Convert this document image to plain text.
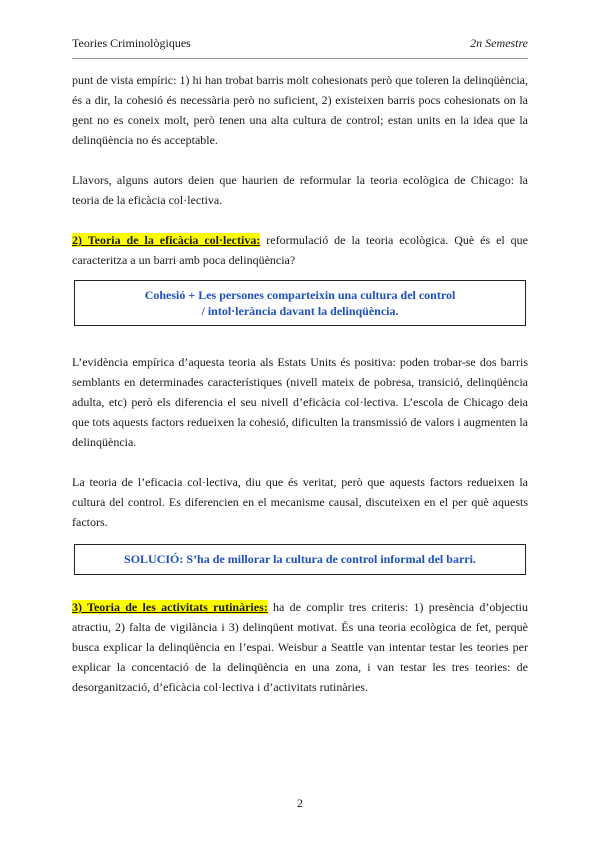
Teories Criminològiques	2n Semestre

punt de vista empíric: 1) hi han trobat barris molt cohesionats però que toleren la delinqüència, és a dir, la cohesió és necessària però no suficient, 2) existeixen barris pocs cohesionats on la gent no es coneix molt, però tenen una alta cultura de control; estan units en la idea que la delinqüència no és acceptable.

Llavors, alguns autors deien que haurien de reformular la teoria ecològica de Chicago: la teoria de la eficàcia col·lectiva.

2) Teoria de la eficàcia col·lectiva: reformulació de la teoria ecològica. Què és el que caracteritza a un barri amb poca delinqüència?

Cohesió + Les persones comparteixin una cultura del control
/ intol·lerància davant la delinqüència.

L’evidència empírica d’aquesta teoria als Estats Units és positiva: poden trobar-se dos barris semblants en determinades característiques (nivell mateix de pobresa, transició, delinqüència adulta, etc) però els diferencia el seu nivell d’eficàcia col·lectiva. L’escola de Chicago deia que tots aquests factors redueixen la cohesió, dificulten la transmissió de valors i augmenten la delinqüència.

La teoria de l’eficacia col·lectiva, diu que és veritat, però que aquests factors redueixen la cultura del control. Es diferencien en el mecanisme causal, discuteixen en el per què aquests factors.

SOLUCIÓ: S’ha de millorar la cultura de control informal del barri.

3) Teoria de les activitats rutinàries: ha de complir tres criteris: 1) presència d’objectiu atractiu, 2) falta de vigilància i 3) delinqüent motivat. És una teoria ecològica de fet, perquè busca explicar la delinqüència en l’espai. Weisbur a Seattle van intentar testar les teories per explicar la concentació de la delinqüència en una zona, i van testar les tres teories: de desorganització, d’eficàcia col·lectiva i d’activitats rutinàries.

2
